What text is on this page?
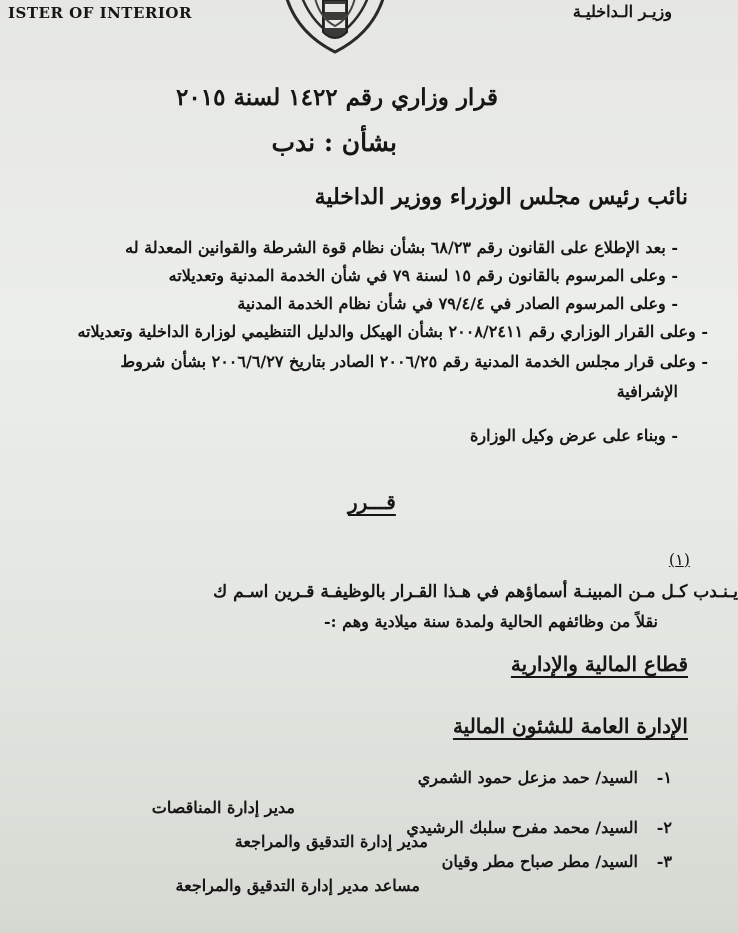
ISTER OF INTERIOR	وزيـر الـداخليـة
قرار وزاري رقم ١٤٢٢ لسنة ٢٠١٥
بشأن : ندب
نائب رئيس مجلس الوزراء ووزير الداخلية
- بعد الإطلاع على القانون رقم ٦٨/٢٣ بشأن نظام قوة الشرطة والقوانين المعدلة له
- وعلى المرسوم بالقانون رقم ١٥ لسنة ٧٩ في شأن الخدمة المدنية وتعديلاته
- وعلى المرسوم الصادر في ٧٩/٤/٤ في شأن نظام الخدمة المدنية
- وعلى القرار الوزاري رقم ٢٠٠٨/٢٤١١ بشأن الهيكل والدليل التنظيمي لوزارة الداخلية وتعديلاته
- وعلى قرار مجلس الخدمة المدنية رقم ٢٠٠٦/٢٥ الصادر بتاريخ ٢٠٠٦/٦/٢٧ بشأن شروط
الإشرافية
- وبناء على عرض وكيل الوزارة
قـــرر
(١)
يـنـدب كـل مـن المبينـة أسماؤهم في هـذا القـرار بالوظيفـة قـرين اسـم ك
نقلاً من وظائفهم الحالية ولمدة سنة ميلادية وهم :-
قطاع المالية والإدارية
الإدارة العامة للشئون المالية
١-
السيد/ حمد مزعل حمود الشمري
مدير إدارة المناقصات
٢-
السيد/ محمد مفرح سلبك الرشيدي
مدير إدارة التدقيق والمراجعة
٣-
السيد/ مطر صباح مطر وقيان
مساعد مدير إدارة التدقيق والمراجعة
